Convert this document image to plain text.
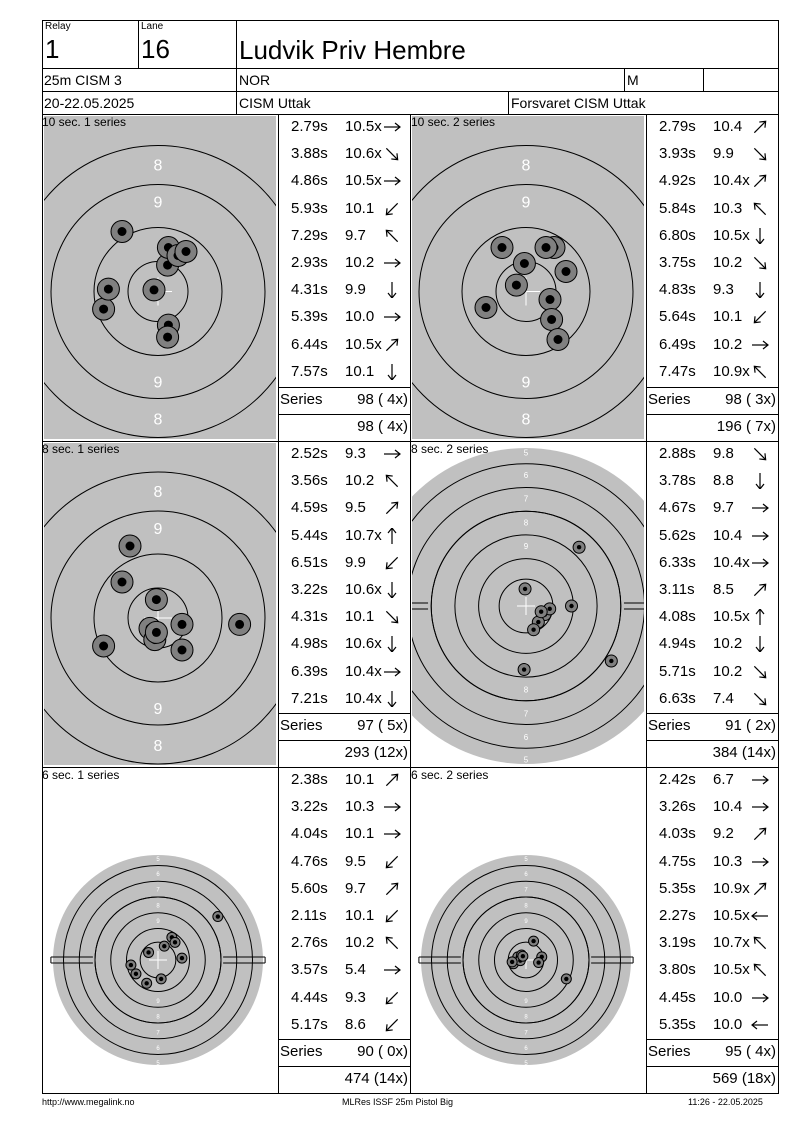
Relay
1
Lane
16	Ludvik Priv Hembre
25m CISM 3	NOR	M
20-22.05.2025	CISM Uttak	Forsvaret CISM Uttak
8
9
9
8
10 sec. 1 series	2.79s 10.5x
3.88s 10.6x
4.86s 10.5x
5.93s 10.1
7.29s 9.7
2.93s 10.2
4.31s 9.9
5.39s 10.0
6.44s 10.5x
7.57s 10.1
Series 98 ( 4x)
98 ( 4x)
8
9
9
8
10 sec. 2 series	2.79s 10.4
3.93s 9.9
4.92s 10.4x
5.84s 10.3
6.80s 10.5x
3.75s 10.2
4.83s 9.3
5.64s 10.1
6.49s 10.2
7.47s 10.9x
Series 98 ( 3x)
196 ( 7x)
8
9
9
8
8 sec. 1 series	2.52s 9.3
3.56s 10.2
4.59s 9.5
5.44s 10.7x
6.51s 9.9
3.22s 10.6x
4.31s 10.1
4.98s 10.6x
6.39s 10.4x
7.21s 10.4x
Series 97 ( 5x)
293 (12x)
5
6
7
8
9
8
7
6
5
8 sec. 2 series	2.88s 9.8
3.78s 8.8
4.67s 9.7
5.62s 10.4
6.33s 10.4x
3.11s 8.5
4.08s 10.5x
4.94s 10.2
5.71s 10.2
6.63s 7.4
Series 91 ( 2x)
384 (14x)
5
6
7
8
9
9
8
7
6
5
6 sec. 1 series	2.38s 10.1
3.22s 10.3
4.04s 10.1
4.76s 9.5
5.60s 9.7
2.11s 10.1
2.76s 10.2
3.57s 5.4
4.44s 9.3
5.17s 8.6
Series 90 ( 0x)
474 (14x)
5
6
7
8
9
9
8
7
6
5
6 sec. 2 series	2.42s 6.7
3.26s 10.4
4.03s 9.2
4.75s 10.3
5.35s 10.9x
2.27s 10.5x
3.19s 10.7x
3.80s 10.5x
4.45s 10.0
5.35s 10.0
Series 95 ( 4x)
569 (18x)
http://www.megalink.no	MLRes ISSF 25m Pistol Big	11:26 - 22.05.2025
